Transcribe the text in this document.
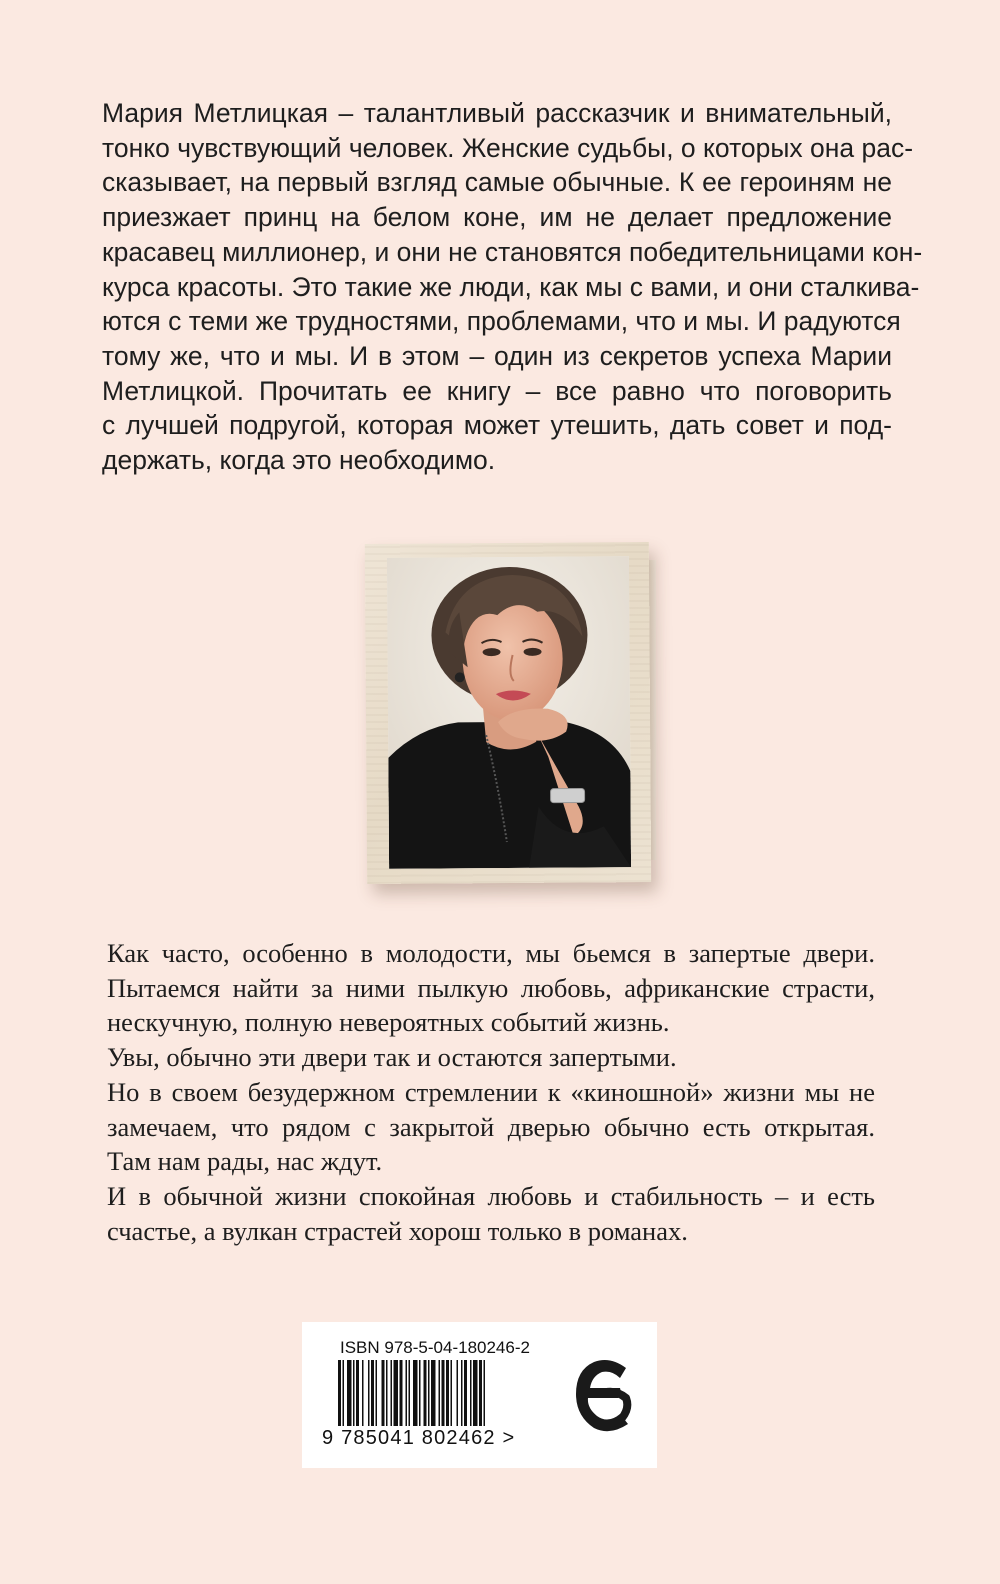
Мария Метлицкая – талантливый рассказчик и внимательный,
тонко чувствующий человек. Женские судьбы, о которых она рас-
сказывает, на первый взгляд самые обычные. К ее героиням не
приезжает принц на белом коне, им не делает предложение
красавец миллионер, и они не становятся победительницами кон-
курса красоты. Это такие же люди, как мы с вами, и они сталкива-
ются с теми же трудностями, проблемами, что и мы. И радуются
тому же, что и мы. И в этом – один из секретов успеха Марии
Метлицкой. Прочитать ее книгу – все равно что поговорить
с лучшей подругой, которая может утешить, дать совет и под-
держать, когда это необходимо.
Как часто, особенно в молодости, мы бьемся в запертые двери.
Пытаемся найти за ними пылкую любовь, африканские страсти,
нескучную, полную невероятных событий жизнь.
Увы, обычно эти двери так и остаются запертыми.
Но в своем безудержном стремлении к «киношной» жизни мы не
замечаем, что рядом с закрытой дверью обычно есть открытая.
Там нам рады, нас ждут.
И в обычной жизни спокойная любовь и стабильность – и есть
счастье, а вулкан страстей хорош только в романах.
ISBN 978-5-04-180246-2
9 785041 802462 >
